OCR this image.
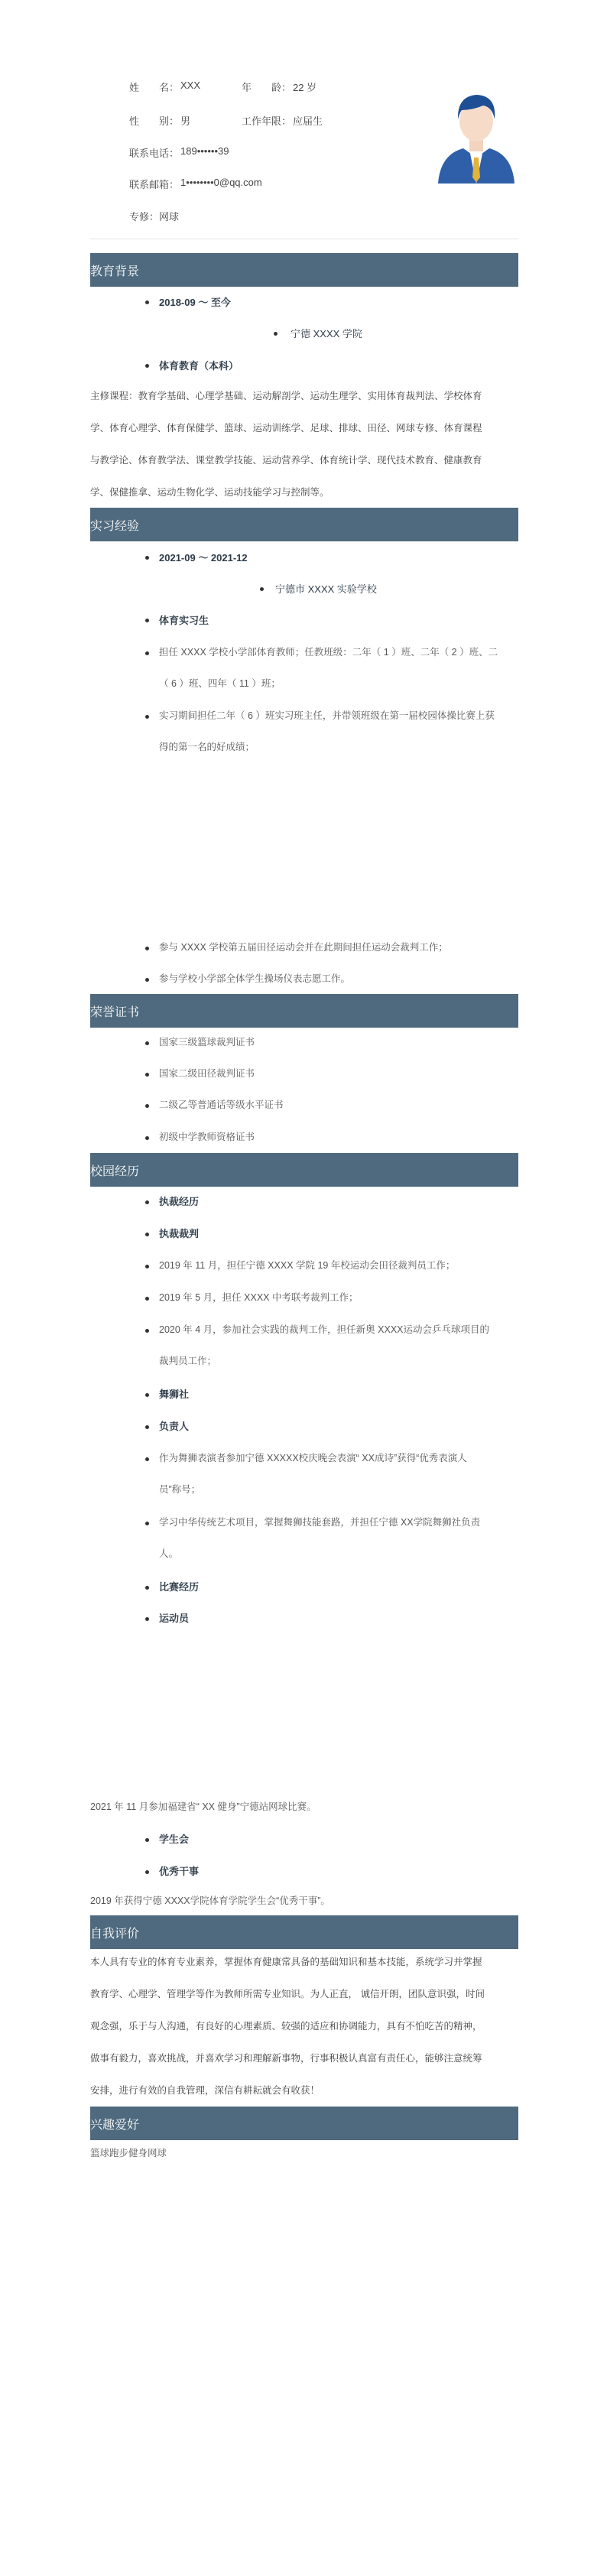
姓　　名： XXX	年　　龄： 22 岁
性　　别： 男	工作年限： 应届生
联系电话： 189••••••39
联系邮箱： 1••••••••0@qq.com
专修： 网球
教育背景
2018-09 ～ 至今
宁德 XXXX 学院
体育教育（本科）
主修课程：教育学基础、心理学基础、运动解剖学、运动生理学、实用体育裁判法、学校体育
学、体育心理学、体育保健学、篮球、运动训练学、足球、排球、田径、网球专修、体育课程
与教学论、体育教学法、课堂教学技能、运动营养学、体育统计学、现代技术教育、健康教育
学、保健推拿、运动生物化学、运动技能学习与控制等。
实习经验
2021-09 ～ 2021-12
宁德市 XXXX 实验学校
体育实习生
担任 XXXX 学校小学部体育教师；任教班级：二年（ 1 ）班、二年（ 2 ）班、二
（ 6 ）班、四年（ 11 ）班；
实习期间担任二年（ 6 ）班实习班主任，并带领班级在第一届校园体操比赛上获
得的第一名的好成绩；
参与 XXXX 学校第五届田径运动会并在此期间担任运动会裁判工作；
参与学校小学部全体学生操场仪表志愿工作。
荣誉证书
国家三级篮球裁判证书
国家二级田径裁判证书
二级乙等普通话等级水平证书
初级中学教师资格证书
校园经历
执裁经历
执裁裁判
2019 年 11 月，担任宁德 XXXX 学院 19 年校运动会田径裁判员工作；
2019 年 5 月，担任 XXXX 中考联考裁判工作；
2020 年 4 月，参加社会实践的裁判工作，担任新奥 XXXX运动会乒乓球项目的
裁判员工作；
舞狮社
负责人
作为舞狮表演者参加宁德 XXXXX校庆晚会表演“ XX成诗”获得“优秀表演人
员”称号；
学习中华传统艺术项目，掌握舞狮技能套路，并担任宁德 XX学院舞狮社负责
人。
比赛经历
运动员
2021 年 11 月参加福建省“ XX 健身”宁德站网球比赛。
学生会
优秀干事
2019 年获得宁德 XXXX学院体育学院学生会“优秀干事”。
自我评价
本人具有专业的体育专业素养，掌握体育健康常具备的基础知识和基本技能，系统学习并掌握
教育学、心理学、管理学等作为教师所需专业知识。为人正直， 诚信开朗，团队意识强，时间
观念强，乐于与人沟通，有良好的心理素质、较强的适应和协调能力，具有不怕吃苦的精神，
做事有毅力，喜欢挑战，并喜欢学习和理解新事物，行事积极认真富有责任心，能够注意统筹
安排，进行有效的自我管理，深信有耕耘就会有收获！
兴趣爱好
篮球跑步健身网球
